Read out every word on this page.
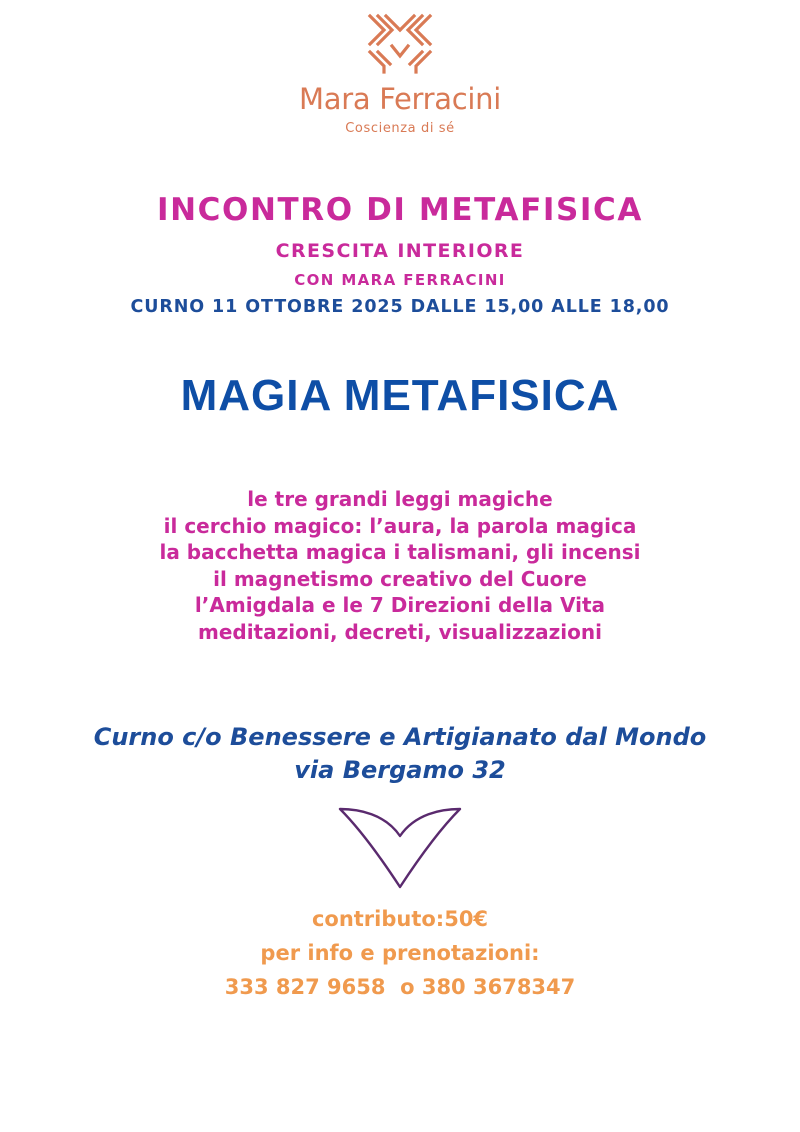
Mara Ferracini
Coscienza di sé
INCONTRO DI METAFISICA
CRESCITA INTERIORE
CON MARA FERRACINI
CURNO 11 OTTOBRE 2025 DALLE 15,00 ALLE 18,00
MAGIA METAFISICA
le tre grandi leggi magiche
il cerchio magico: l’aura, la parola magica
la bacchetta magica i talismani, gli incensi
il magnetismo creativo del Cuore
l’Amigdala e le 7 Direzioni della Vita
meditazioni, decreti, visualizzazioni
Curno c/o Benessere e Artigianato dal Mondo
via Bergamo 32
contributo:50€
per info e prenotazioni:
333 827 9658  o 380 3678347
